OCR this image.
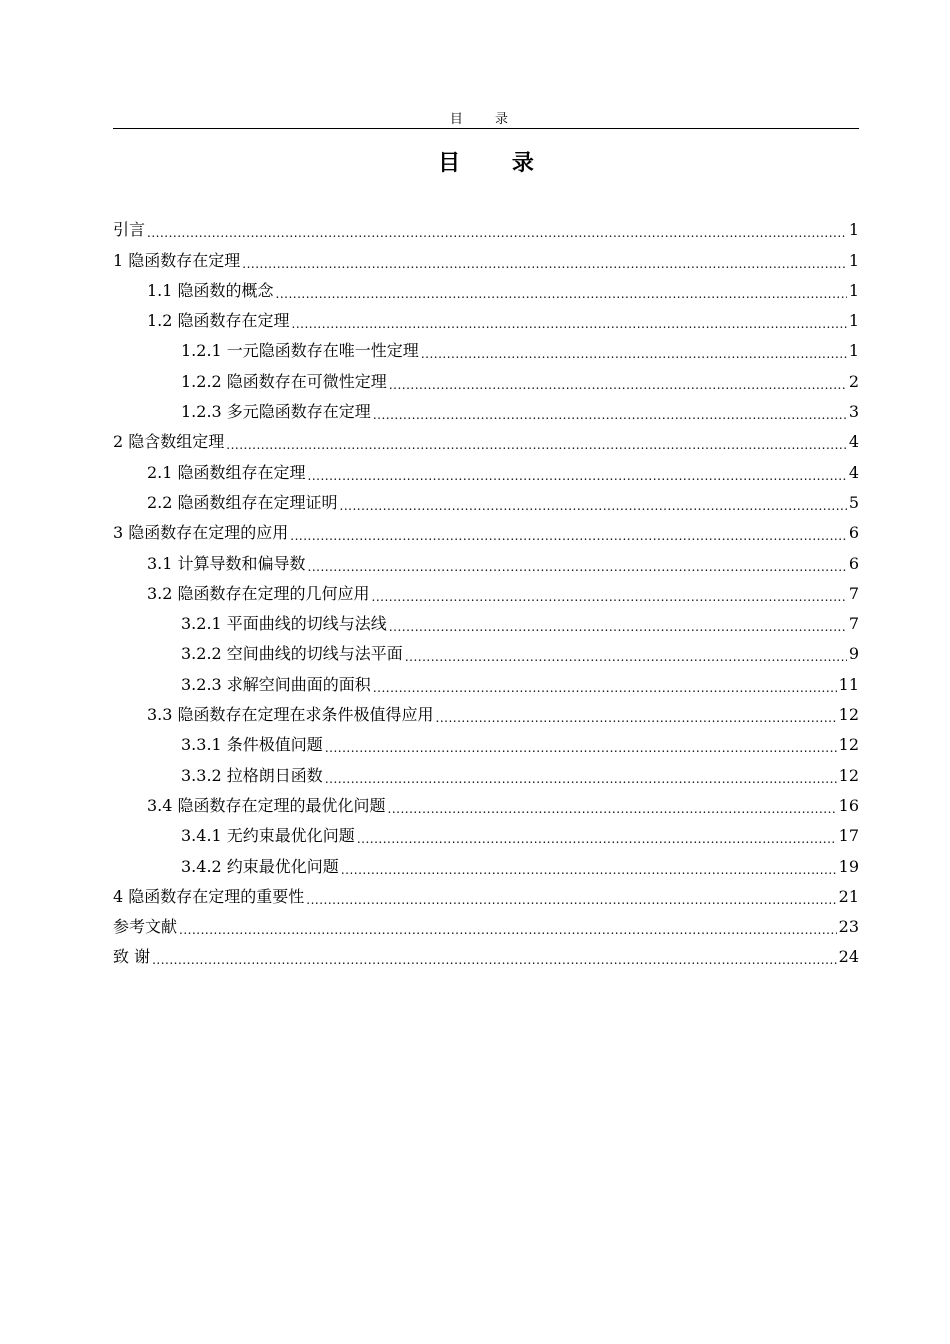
目 录
目 录
引言 .....	1
1 隐函数存在定理 .....	1
1.1 隐函数的概念 .....	1
1.2 隐函数存在定理 .....	1
1.2.1 一元隐函数存在唯一性定理 .....	1
1.2.2 隐函数存在可微性定理 .....	2
1.2.3 多元隐函数存在定理 .....	3
2 隐含数组定理 .....	4
2.1 隐函数组存在定理 .....	4
2.2 隐函数组存在定理证明 .....	5
3 隐函数存在定理的应用 .....	6
3.1 计算导数和偏导数 .....	6
3.2 隐函数存在定理的几何应用 .....	7
3.2.1 平面曲线的切线与法线 .....	7
3.2.2 空间曲线的切线与法平面 .....	9
3.2.3 求解空间曲面的面积 .....	11
3.3 隐函数存在定理在求条件极值得应用 .....	12
3.3.1 条件极值问题 .....	12
3.3.2 拉格朗日函数 .....	12
3.4 隐函数存在定理的最优化问题 .....	16
3.4.1 无约束最优化问题 .....	17
3.4.2 约束最优化问题 .....	19
4 隐函数存在定理的重要性 .....	21
参考文献 .....	23
致 谢 .....	24
